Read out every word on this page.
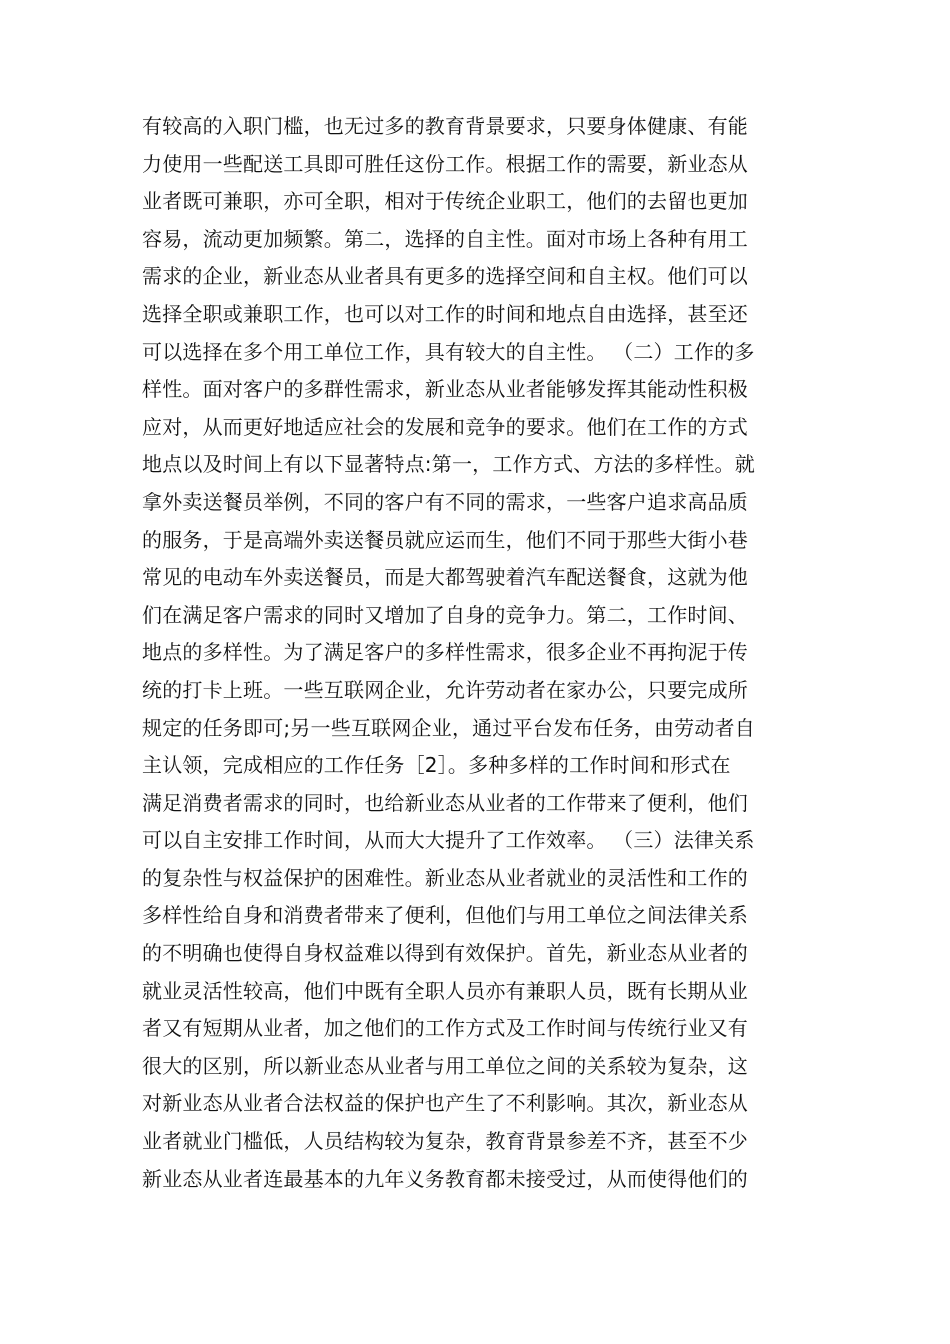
有较高的入职门槛，也无过多的教育背景要求，只要身体健康、有能
力使用一些配送工具即可胜任这份工作。根据工作的需要，新业态从
业者既可兼职，亦可全职，相对于传统企业职工，他们的去留也更加
容易，流动更加频繁。第二，选择的自主性。面对市场上各种有用工
需求的企业，新业态从业者具有更多的选择空间和自主权。他们可以
选择全职或兼职工作，也可以对工作的时间和地点自由选择，甚至还
可以选择在多个用工单位工作，具有较大的自主性。 （二）工作的多
样性。面对客户的多群性需求，新业态从业者能够发挥其能动性积极
应对，从而更好地适应社会的发展和竞争的要求。他们在工作的方式
地点以及时间上有以下显著特点:第一，工作方式、方法的多样性。就
拿外卖送餐员举例，不同的客户有不同的需求，一些客户追求高品质
的服务，于是高端外卖送餐员就应运而生，他们不同于那些大街小巷
常见的电动车外卖送餐员，而是大都驾驶着汽车配送餐食，这就为他
们在满足客户需求的同时又增加了自身的竞争力。第二，工作时间、
地点的多样性。为了满足客户的多样性需求，很多企业不再拘泥于传
统的打卡上班。一些互联网企业，允许劳动者在家办公，只要完成所
规定的任务即可;另一些互联网企业，通过平台发布任务，由劳动者自
主认领，完成相应的工作任务［2］。多种多样的工作时间和形式在
满足消费者需求的同时，也给新业态从业者的工作带来了便利，他们
可以自主安排工作时间，从而大大提升了工作效率。 （三）法律关系
的复杂性与权益保护的困难性。新业态从业者就业的灵活性和工作的
多样性给自身和消费者带来了便利，但他们与用工单位之间法律关系
的不明确也使得自身权益难以得到有效保护。首先，新业态从业者的
就业灵活性较高，他们中既有全职人员亦有兼职人员，既有长期从业
者又有短期从业者，加之他们的工作方式及工作时间与传统行业又有
很大的区别，所以新业态从业者与用工单位之间的关系较为复杂，这
对新业态从业者合法权益的保护也产生了不利影响。其次，新业态从
业者就业门槛低，人员结构较为复杂，教育背景参差不齐，甚至不少
新业态从业者连最基本的九年义务教育都未接受过，从而使得他们的
